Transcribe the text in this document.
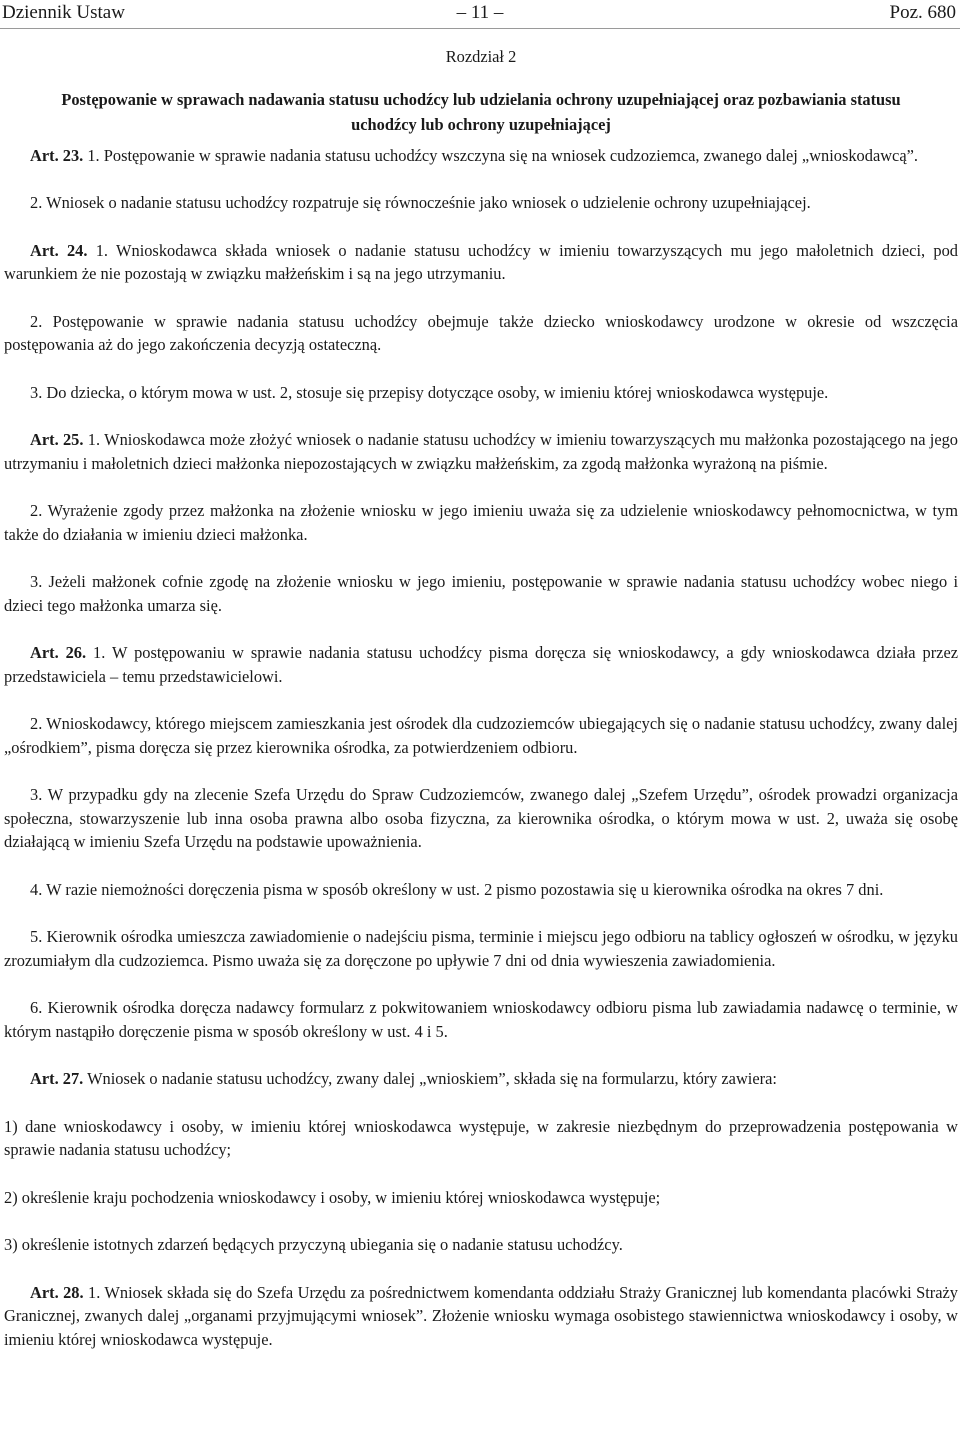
Dziennik Ustaw	– 11 –	Poz. 680

Rozdział 2

Postępowanie w sprawach nadawania statusu uchodźcy lub udzielania ochrony uzupełniającej oraz pozbawiania statusu uchodźcy lub ochrony uzupełniającej

Art. 23. 1. Postępowanie w sprawie nadania statusu uchodźcy wszczyna się na wniosek cudzoziemca, zwanego dalej „wnioskodawcą”.

2. Wniosek o nadanie statusu uchodźcy rozpatruje się równocześnie jako wniosek o udzielenie ochrony uzupełniającej.

Art. 24. 1. Wnioskodawca składa wniosek o nadanie statusu uchodźcy w imieniu towarzyszących mu jego małoletnich dzieci, pod warunkiem że nie pozostają w związku małżeńskim i są na jego utrzymaniu.

2. Postępowanie w sprawie nadania statusu uchodźcy obejmuje także dziecko wnioskodawcy urodzone w okresie od wszczęcia postępowania aż do jego zakończenia decyzją ostateczną.

3. Do dziecka, o którym mowa w ust. 2, stosuje się przepisy dotyczące osoby, w imieniu której wnioskodawca występuje.

Art. 25. 1. Wnioskodawca może złożyć wniosek o nadanie statusu uchodźcy w imieniu towarzyszących mu małżonka pozostającego na jego utrzymaniu i małoletnich dzieci małżonka niepozostających w związku małżeńskim, za zgodą małżonka wyrażoną na piśmie.

2. Wyrażenie zgody przez małżonka na złożenie wniosku w jego imieniu uważa się za udzielenie wnioskodawcy pełnomocnictwa, w tym także do działania w imieniu dzieci małżonka.

3. Jeżeli małżonek cofnie zgodę na złożenie wniosku w jego imieniu, postępowanie w sprawie nadania statusu uchodźcy wobec niego i dzieci tego małżonka umarza się.

Art. 26. 1. W postępowaniu w sprawie nadania statusu uchodźcy pisma doręcza się wnioskodawcy, a gdy wnioskodawca działa przez przedstawiciela – temu przedstawicielowi.

2. Wnioskodawcy, którego miejscem zamieszkania jest ośrodek dla cudzoziemców ubiegających się o nadanie statusu uchodźcy, zwany dalej „ośrodkiem”, pisma doręcza się przez kierownika ośrodka, za potwierdzeniem odbioru.

3. W przypadku gdy na zlecenie Szefa Urzędu do Spraw Cudzoziemców, zwanego dalej „Szefem Urzędu”, ośrodek prowadzi organizacja społeczna, stowarzyszenie lub inna osoba prawna albo osoba fizyczna, za kierownika ośrodka, o którym mowa w ust. 2, uważa się osobę działającą w imieniu Szefa Urzędu na podstawie upoważnienia.

4. W razie niemożności doręczenia pisma w sposób określony w ust. 2 pismo pozostawia się u kierownika ośrodka na okres 7 dni.

5. Kierownik ośrodka umieszcza zawiadomienie o nadejściu pisma, terminie i miejscu jego odbioru na tablicy ogłoszeń w ośrodku, w języku zrozumiałym dla cudzoziemca. Pismo uważa się za doręczone po upływie 7 dni od dnia wywieszenia zawiadomienia.

6. Kierownik ośrodka doręcza nadawcy formularz z pokwitowaniem wnioskodawcy odbioru pisma lub zawiadamia nadawcę o terminie, w którym nastąpiło doręczenie pisma w sposób określony w ust. 4 i 5.

Art. 27. Wniosek o nadanie statusu uchodźcy, zwany dalej „wnioskiem”, składa się na formularzu, który zawiera:

1) dane wnioskodawcy i osoby, w imieniu której wnioskodawca występuje, w zakresie niezbędnym do przeprowadzenia postępowania w sprawie nadania statusu uchodźcy;

2) określenie kraju pochodzenia wnioskodawcy i osoby, w imieniu której wnioskodawca występuje;

3) określenie istotnych zdarzeń będących przyczyną ubiegania się o nadanie statusu uchodźcy.

Art. 28. 1. Wniosek składa się do Szefa Urzędu za pośrednictwem komendanta oddziału Straży Granicznej lub komendanta placówki Straży Granicznej, zwanych dalej „organami przyjmującymi wniosek”. Złożenie wniosku wymaga osobistego stawiennictwa wnioskodawcy i osoby, w imieniu której wnioskodawca występuje.
